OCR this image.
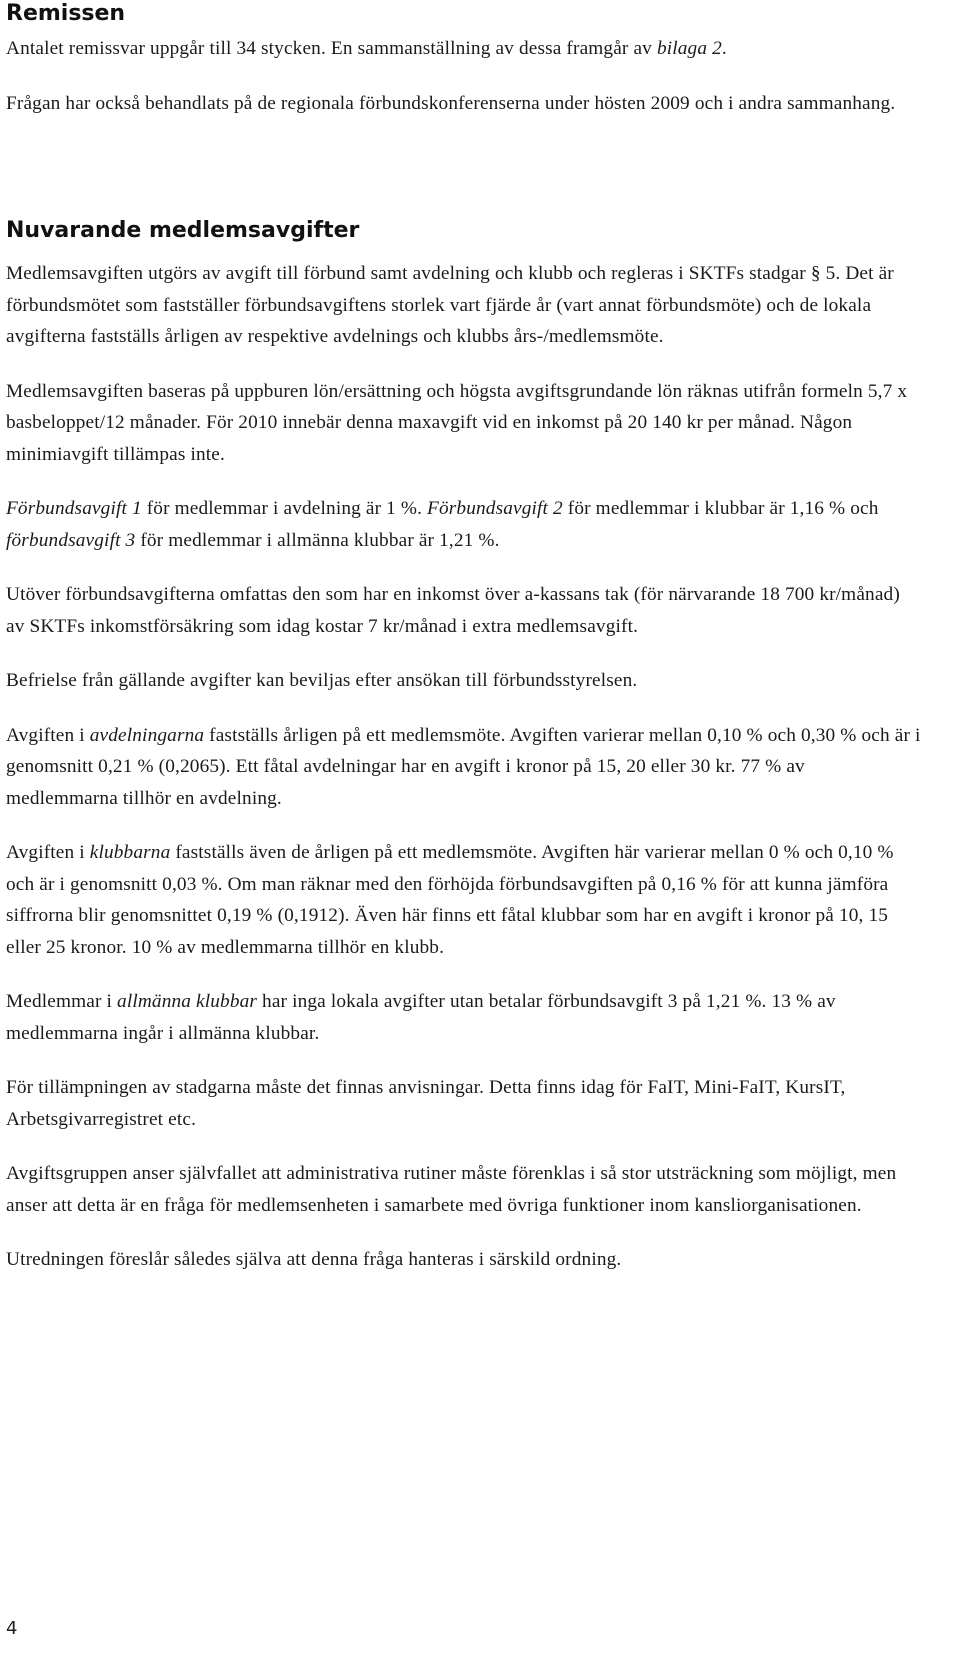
Remissen

Antalet remissvar uppgår till 34 stycken. En sammanställning av dessa framgår av bilaga 2.

Frågan har också behandlats på de regionala förbundskonferenserna under hösten 2009 och i andra sammanhang.

Nuvarande medlemsavgifter

Medlemsavgiften utgörs av avgift till förbund samt avdelning och klubb och regleras i SKTFs stadgar § 5. Det är förbundsmötet som fastställer förbundsavgiftens storlek vart fjärde år (vart annat förbundsmöte) och de lokala avgifterna fastställs årligen av respektive avdelnings och klubbs års-/medlemsmöte.

Medlemsavgiften baseras på uppburen lön/ersättning och högsta avgiftsgrundande lön räknas utifrån formeln 5,7 x basbeloppet/12 månader. För 2010 innebär denna maxavgift vid en inkomst på 20 140 kr per månad. Någon minimiavgift tillämpas inte.

Förbundsavgift 1 för medlemmar i avdelning är 1 %. Förbundsavgift 2 för medlemmar i klubbar är 1,16 % och förbundsavgift 3 för medlemmar i allmänna klubbar är 1,21 %.

Utöver förbundsavgifterna omfattas den som har en inkomst över a-kassans tak (för närvarande 18 700 kr/månad) av SKTFs inkomstförsäkring som idag kostar 7 kr/månad i extra medlemsavgift.

Befrielse från gällande avgifter kan beviljas efter ansökan till förbundsstyrelsen.

Avgiften i avdelningarna fastställs årligen på ett medlemsmöte. Avgiften varierar mellan 0,10 % och 0,30 % och är i genomsnitt 0,21 % (0,2065). Ett fåtal avdelningar har en avgift i kronor på 15, 20 eller 30 kr. 77 % av medlemmarna tillhör en avdelning.

Avgiften i klubbarna fastställs även de årligen på ett medlemsmöte. Avgiften här varierar mellan 0 % och 0,10 % och är i genomsnitt 0,03 %. Om man räknar med den förhöjda förbundsavgiften på 0,16 % för att kunna jämföra siffrorna blir genomsnittet 0,19 % (0,1912). Även här finns ett fåtal klubbar som har en avgift i kronor på 10, 15 eller 25 kronor. 10 % av medlemmarna tillhör en klubb.

Medlemmar i allmänna klubbar har inga lokala avgifter utan betalar förbundsavgift 3 på 1,21 %. 13 % av medlemmarna ingår i allmänna klubbar.

För tillämpningen av stadgarna måste det finnas anvisningar. Detta finns idag för FaIT, Mini-FaIT, KursIT, Arbetsgivarregistret etc.

Avgiftsgruppen anser självfallet att administrativa rutiner måste förenklas i så stor utsträckning som möjligt, men anser att detta är en fråga för medlemsenheten i samarbete med övriga funktioner inom kansliorganisationen.

Utredningen föreslår således själva att denna fråga hanteras i särskild ordning.

4
